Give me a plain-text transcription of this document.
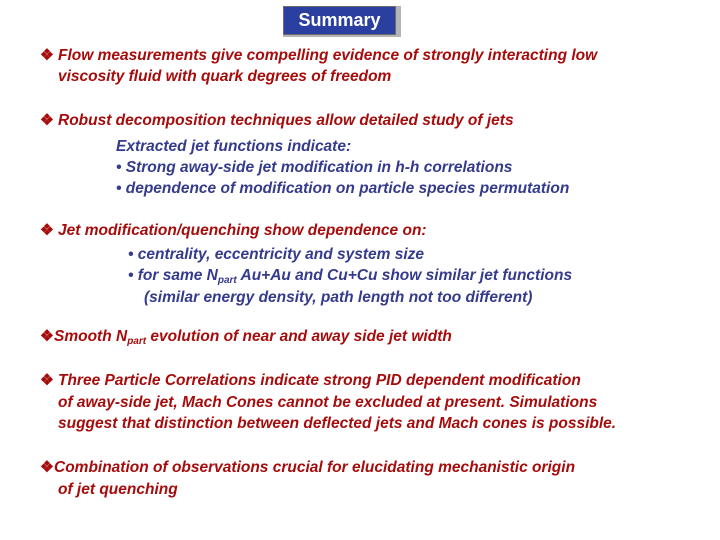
Summary
❖ Flow measurements give compelling evidence of strongly interacting low
viscosity fluid with quark degrees of freedom
❖ Robust decomposition techniques allow detailed study of jets
Extracted jet functions indicate:
• Strong away-side jet modification in h-h correlations
• dependence of modification on particle species permutation
❖ Jet modification/quenching show dependence on:
• centrality, eccentricity and system size
• for same $N_{part}$ Au+Au and Cu+Cu show similar jet functions
(similar energy density, path length not too different)
❖Smooth $N_{part}$ evolution of near and away side jet width
❖ Three Particle Correlations indicate strong PID dependent modification
of away-side jet, Mach Cones cannot be excluded at present. Simulations
suggest that distinction between deflected jets and Mach cones is possible.
❖Combination of observations crucial for elucidating mechanistic origin
of jet quenching
